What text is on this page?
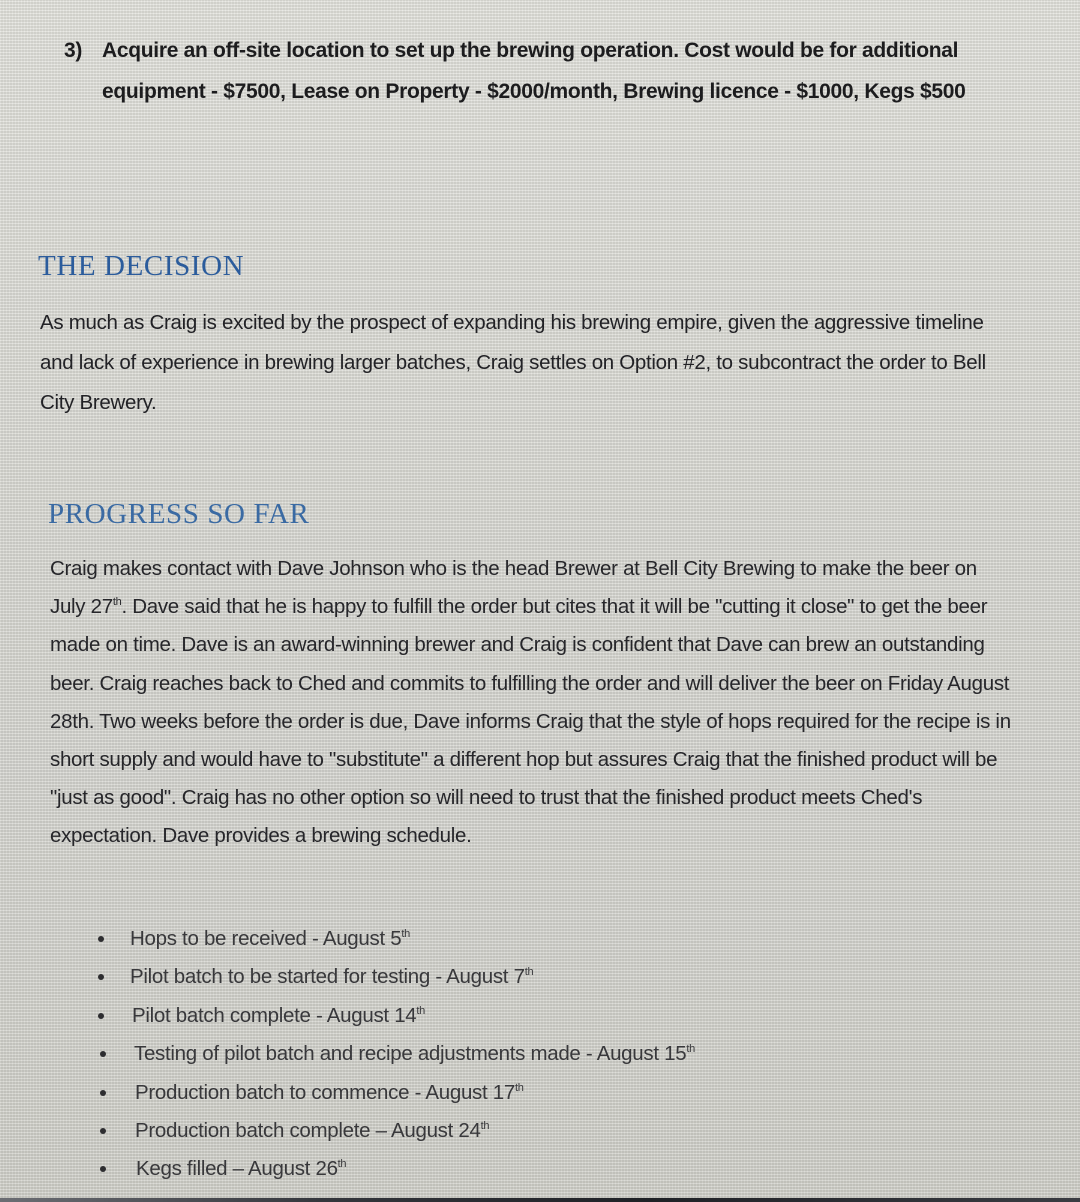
3) Acquire an off-site location to set up the brewing operation. Cost would be for additional equipment - $7500, Lease on Property - $2000/month, Brewing licence - $1000, Kegs $500
THE DECISION

As much as Craig is excited by the prospect of expanding his brewing empire, given the aggressive timeline and lack of experience in brewing larger batches, Craig settles on Option #2, to subcontract the order to Bell City Brewery.

PROGRESS SO FAR

Craig makes contact with Dave Johnson who is the head Brewer at Bell City Brewing to make the beer on July 27th. Dave said that he is happy to fulfill the order but cites that it will be "cutting it close" to get the beer made on time. Dave is an award-winning brewer and Craig is confident that Dave can brew an outstanding beer. Craig reaches back to Ched and commits to fulfilling the order and will deliver the beer on Friday August 28th. Two weeks before the order is due, Dave informs Craig that the style of hops required for the recipe is in short supply and would have to "substitute" a different hop but assures Craig that the finished product will be "just as good". Craig has no other option so will need to trust that the finished product meets Ched's expectation. Dave provides a brewing schedule.

Hops to be received - August 5th
Pilot batch to be started for testing - August 7th
Pilot batch complete - August 14th
Testing of pilot batch and recipe adjustments made - August 15th
Production batch to commence - August 17th
Production batch complete – August 24th
Kegs filled – August 26th
